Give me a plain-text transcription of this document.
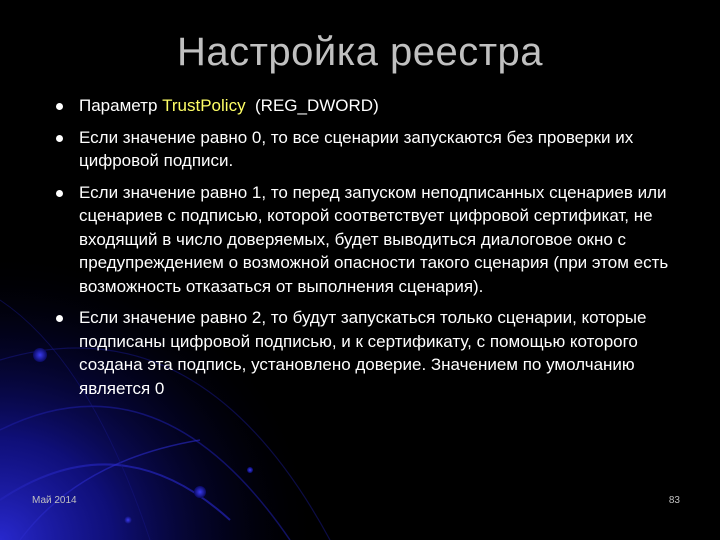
Настройка реестра
Параметр TrustPolicy  (REG_DWORD)
Если значение равно 0, то все сценарии запускаются без проверки их цифровой подписи.
Если значение равно 1, то перед запуском неподписанных сценариев или сценариев с подписью, которой соответствует цифровой сертификат, не входящий в число доверяемых, будет выводиться диалоговое окно с предупреждением о возможной опасности такого сценария (при этом есть возможность отказаться от выполнения сценария).
Если значение равно 2, то будут запускаться только сценарии, которые подписаны цифровой подписью, и к сертификату, с помощью которого создана эта подпись, установлено доверие. Значением по умолчанию является 0
Май 2014	83
